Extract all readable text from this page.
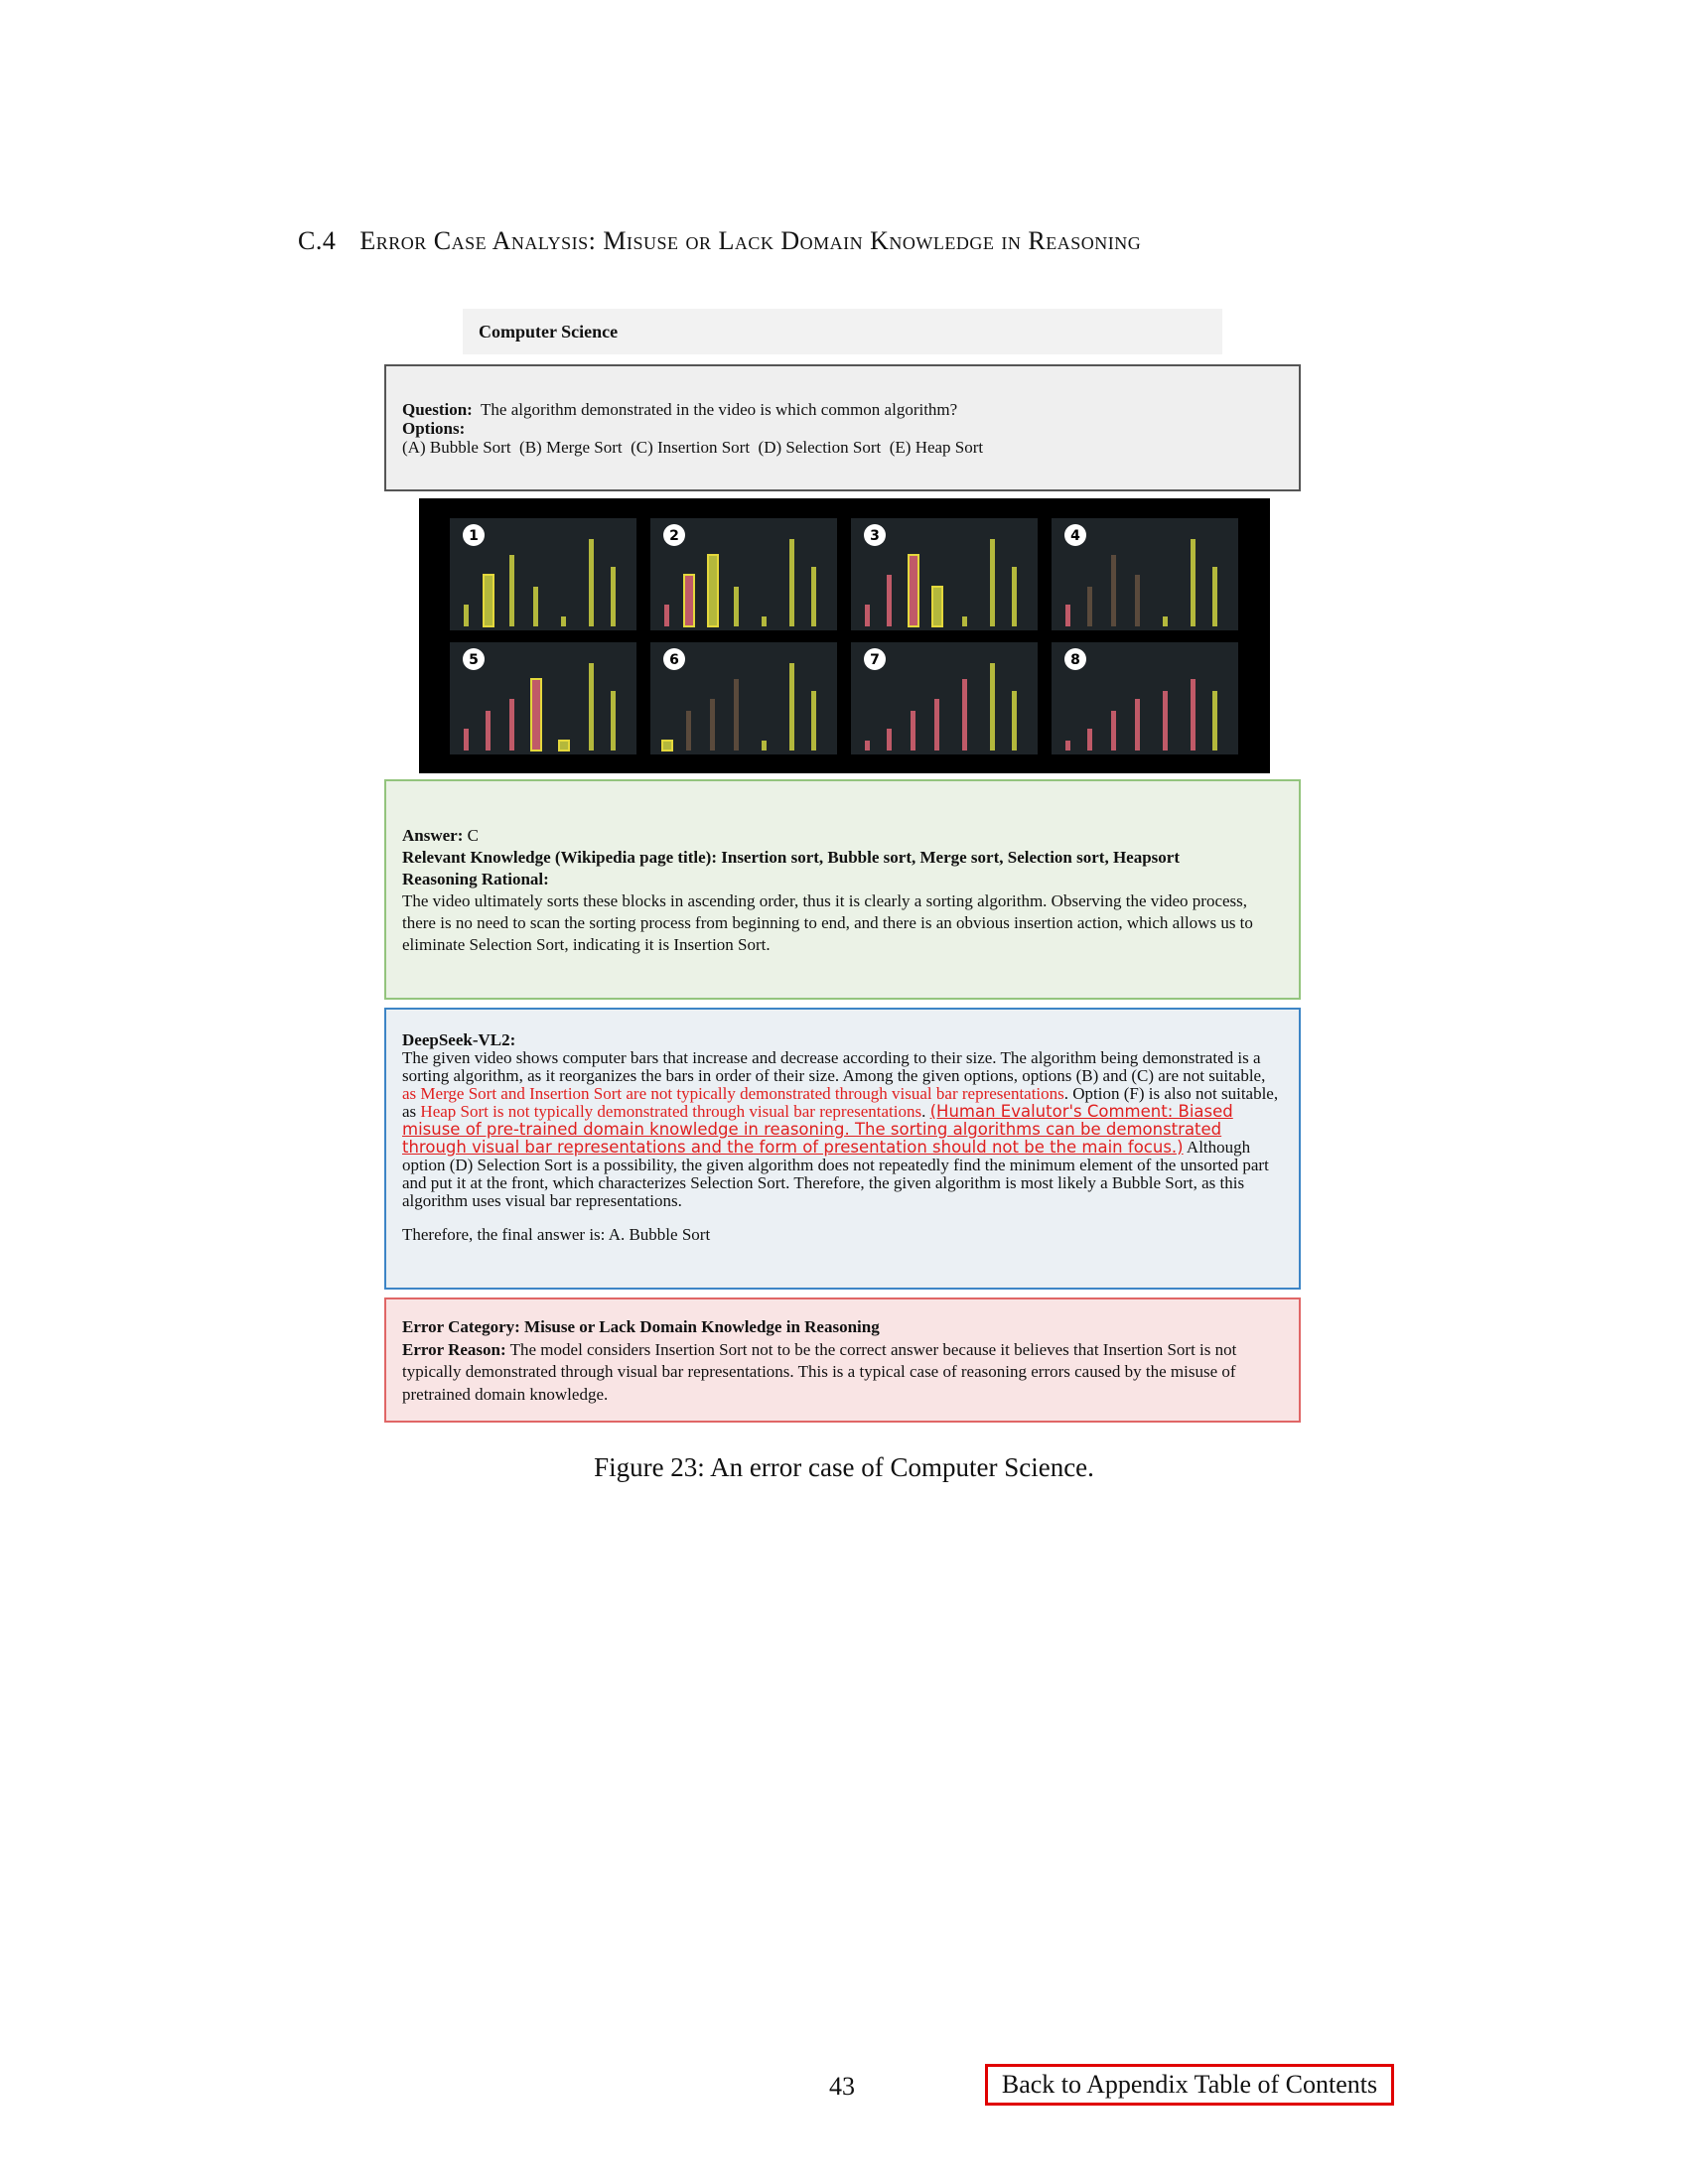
C.4 Error Case Analysis: Misuse or Lack Domain Knowledge in Reasoning
Computer Science
Question: The algorithm demonstrated in the video is which common algorithm?
Options:
(A) Bubble Sort  (B) Merge Sort  (C) Insertion Sort  (D) Selection Sort  (E) Heap Sort
1	2	3	4
5	6	7	8
Answer: C
Relevant Knowledge (Wikipedia page title): Insertion sort, Bubble sort, Merge sort, Selection sort, Heapsort
Reasoning Rational:
The video ultimately sorts these blocks in ascending order, thus it is clearly a sorting algorithm. Observing the video process, there is no need to scan the sorting process from beginning to end, and there is an obvious insertion action, which allows us to eliminate Selection Sort, indicating it is Insertion Sort.
DeepSeek-VL2:
The given video shows computer bars that increase and decrease according to their size. The algorithm being demonstrated is a sorting algorithm, as it reorganizes the bars in order of their size. Among the given options, options (B) and (C) are not suitable, as Merge Sort and Insertion Sort are not typically demonstrated through visual bar representations. Option (F) is also not suitable, as Heap Sort is not typically demonstrated through visual bar representations. (Human Evalutor's Comment: Biased misuse of pre-trained domain knowledge in reasoning. The sorting algorithms can be demonstrated through visual bar representations and the form of presentation should not be the main focus.) Although option (D) Selection Sort is a possibility, the given algorithm does not repeatedly find the minimum element of the unsorted part and put it at the front, which characterizes Selection Sort. Therefore, the given algorithm is most likely a Bubble Sort, as this algorithm uses visual bar representations.
Therefore, the final answer is: A. Bubble Sort
Error Category: Misuse or Lack Domain Knowledge in Reasoning
Error Reason: The model considers Insertion Sort not to be the correct answer because it believes that Insertion Sort is not typically demonstrated through visual bar representations. This is a typical case of reasoning errors caused by the misuse of pretrained domain knowledge.
Figure 23: An error case of Computer Science.
43	Back to Appendix Table of Contents
